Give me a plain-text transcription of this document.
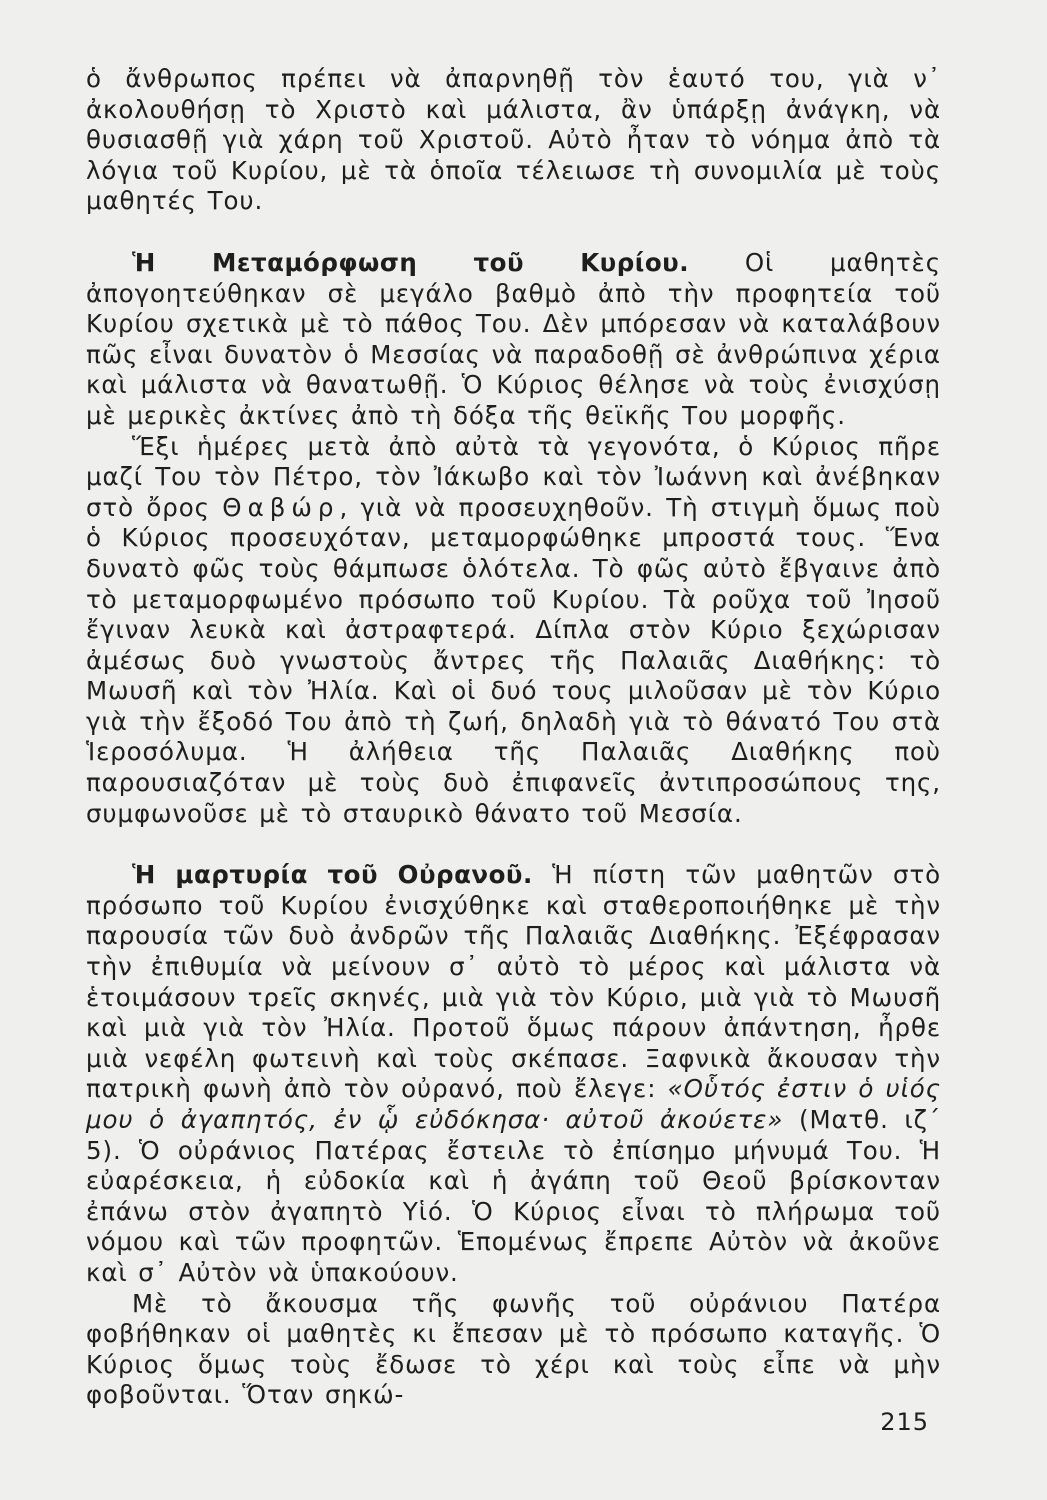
ὁ ἄνθρωπος πρέπει νὰ ἀπαρνηθῇ τὸν ἑαυτό του, γιὰ ν᾿ ἀκολουθήσῃ τὸ Χριστὸ καὶ μάλιστα, ἂν ὑπάρξῃ ἀνάγκη, νὰ θυσιασθῇ γιὰ χάρη τοῦ Χριστοῦ. Αὐτὸ ἦταν τὸ νόημα ἀπὸ τὰ λόγια τοῦ Κυρίου, μὲ τὰ ὁποῖα τέλειωσε τὴ συνομιλία μὲ τοὺς μαθητές Του.

Ἡ Μεταμόρφωση τοῦ Κυρίου. Οἱ μαθητὲς ἀπογοητεύθηκαν σὲ μεγάλο βαθμὸ ἀπὸ τὴν προφητεία τοῦ Κυρίου σχετικὰ μὲ τὸ πάθος Του. Δὲν μπόρεσαν νὰ καταλάβουν πῶς εἶναι δυνατὸν ὁ Μεσσίας νὰ παραδοθῇ σὲ ἀνθρώπινα χέρια καὶ μάλιστα νὰ θανατωθῇ. Ὁ Κύριος θέλησε νὰ τοὺς ἐνισχύσῃ μὲ μερικὲς ἀκτίνες ἀπὸ τὴ δόξα τῆς θεϊκῆς Του μορφῆς.

Ἕξι ἡμέρες μετὰ ἀπὸ αὐτὰ τὰ γεγονότα, ὁ Κύριος πῆρε μαζί Του τὸν Πέτρο, τὸν Ἰάκωβο καὶ τὸν Ἰωάννη καὶ ἀνέβηκαν στὸ ὄρος Θαβώρ, γιὰ νὰ προσευχηθοῦν. Τὴ στιγμὴ ὅμως ποὺ ὁ Κύριος προσευχόταν, μεταμορφώθηκε μπροστά τους. Ἕνα δυνατὸ φῶς τοὺς θάμπωσε ὁλότελα. Τὸ φῶς αὐτὸ ἔβγαινε ἀπὸ τὸ μεταμορφωμένο πρόσωπο τοῦ Κυρίου. Τὰ ροῦχα τοῦ Ἰησοῦ ἔγιναν λευκὰ καὶ ἀστραφτερά. Δίπλα στὸν Κύριο ξεχώρισαν ἀμέσως δυὸ γνωστοὺς ἄντρες τῆς Παλαιᾶς Διαθήκης: τὸ Μωυσῆ καὶ τὸν Ἠλία. Καὶ οἱ δυό τους μιλοῦσαν μὲ τὸν Κύριο γιὰ τὴν ἔξοδό Του ἀπὸ τὴ ζωή, δηλαδὴ γιὰ τὸ θάνατό Του στὰ Ἱεροσόλυμα. Ἡ ἀλήθεια τῆς Παλαιᾶς Διαθήκης ποὺ παρουσιαζόταν μὲ τοὺς δυὸ ἐπιφανεῖς ἀντιπροσώπους της, συμφωνοῦσε μὲ τὸ σταυρικὸ θάνατο τοῦ Μεσσία.

Ἡ μαρτυρία τοῦ Οὐρανοῦ. Ἡ πίστη τῶν μαθητῶν στὸ πρόσωπο τοῦ Κυρίου ἐνισχύθηκε καὶ σταθεροποιήθηκε μὲ τὴν παρουσία τῶν δυὸ ἀνδρῶν τῆς Παλαιᾶς Διαθήκης. Ἐξέφρασαν τὴν ἐπιθυμία νὰ μείνουν σ᾿ αὐτὸ τὸ μέρος καὶ μάλιστα νὰ ἑτοιμάσουν τρεῖς σκηνές, μιὰ γιὰ τὸν Κύριο, μιὰ γιὰ τὸ Μωυσῆ καὶ μιὰ γιὰ τὸν Ἠλία. Προτοῦ ὅμως πάρουν ἀπάντηση, ἦρθε μιὰ νεφέλη φωτεινὴ καὶ τοὺς σκέπασε. Ξαφνικὰ ἄκουσαν τὴν πατρικὴ φωνὴ ἀπὸ τὸν οὐρανό, ποὺ ἔλεγε: «Οὗτός ἐστιν ὁ υἱός μου ὁ ἀγαπητός, ἐν ᾧ εὐδόκησα· αὐτοῦ ἀκούετε» (Ματθ. ιζ´ 5). Ὁ οὐράνιος Πατέρας ἔστειλε τὸ ἐπίσημο μήνυμά Του. Ἡ εὐαρέσκεια, ἡ εὐδοκία καὶ ἡ ἀγάπη τοῦ Θεοῦ βρίσκονταν ἐπάνω στὸν ἀγαπητὸ Υἱό. Ὁ Κύριος εἶναι τὸ πλήρωμα τοῦ νόμου καὶ τῶν προφητῶν. Ἑπομένως ἔπρεπε Αὐτὸν νὰ ἀκοῦνε καὶ σ᾿ Αὐτὸν νὰ ὑπακούουν.

Μὲ τὸ ἄκουσμα τῆς φωνῆς τοῦ οὐράνιου Πατέρα φοβήθηκαν οἱ μαθητὲς κι ἔπεσαν μὲ τὸ πρόσωπο καταγῆς. Ὁ Κύριος ὅμως τοὺς ἔδωσε τὸ χέρι καὶ τοὺς εἶπε νὰ μὴν φοβοῦνται. Ὅταν σηκώ-

215
